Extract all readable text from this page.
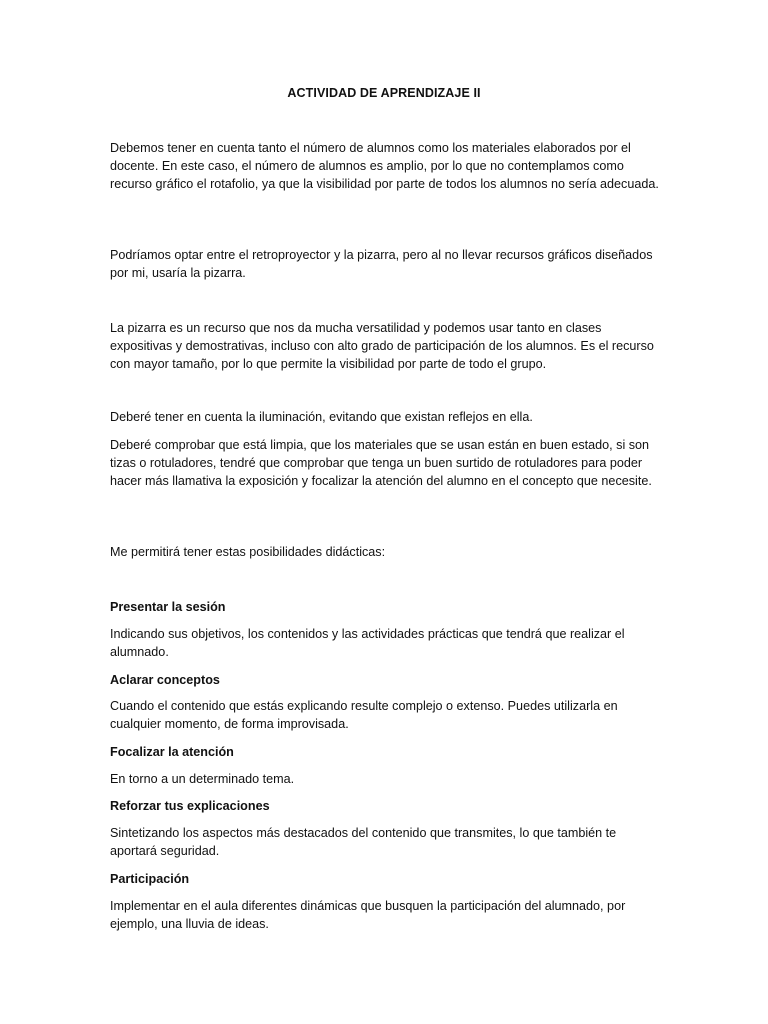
ACTIVIDAD DE APRENDIZAJE II

Debemos tener en cuenta tanto el número de alumnos como los materiales elaborados por el docente. En este caso, el número de alumnos es amplio, por lo que no contemplamos como recurso gráfico el rotafolio, ya que la visibilidad por parte de todos los alumnos no sería adecuada.

Podríamos optar entre el retroproyector y la pizarra, pero al no llevar recursos gráficos diseñados por mi, usaría la pizarra.

La pizarra es un recurso que nos da mucha versatilidad y podemos usar tanto en clases expositivas y demostrativas, incluso con alto grado de participación de los alumnos. Es el recurso con mayor tamaño, por lo que permite la visibilidad por parte de todo el grupo.

Deberé tener en cuenta la iluminación, evitando que existan reflejos en ella.

Deberé comprobar que está limpia, que los materiales que se usan están en buen estado, si son tizas o rotuladores, tendré que comprobar que tenga un buen surtido de rotuladores para poder hacer más llamativa la exposición y focalizar la atención del alumno en el concepto que necesite.

Me permitirá tener estas posibilidades didácticas:

Presentar la sesión

Indicando sus objetivos, los contenidos y las actividades prácticas que tendrá que realizar el alumnado.

Aclarar conceptos

Cuando el contenido que estás explicando resulte complejo o extenso. Puedes utilizarla en cualquier momento, de forma improvisada.

Focalizar la atención

En torno a un determinado tema.

Reforzar tus explicaciones

Sintetizando los aspectos más destacados del contenido que transmites, lo que también te aportará seguridad.

Participación

Implementar en el aula diferentes dinámicas que busquen la participación del alumnado, por ejemplo, una lluvia de ideas.
